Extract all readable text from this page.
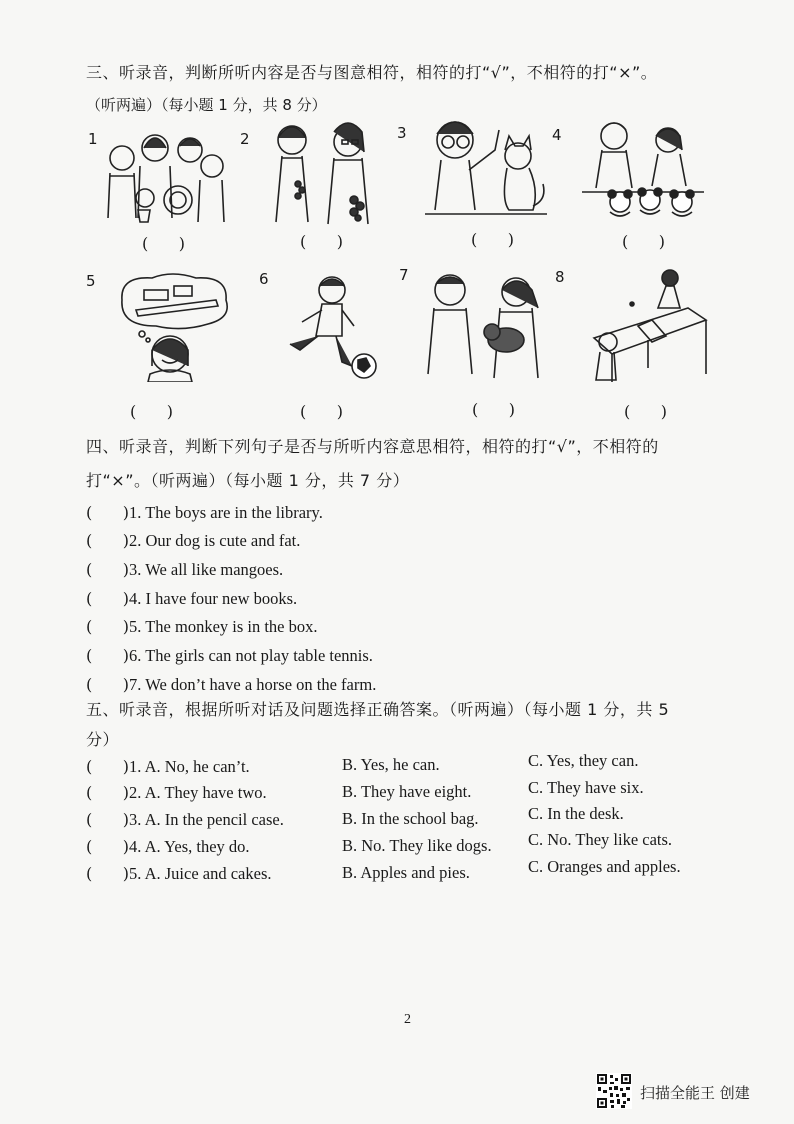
三、听录音，判断所听内容是否与图意相符，相符的打“√”，不相符的打“×”。
（听两遍）（每小题 1 分，共 8 分）
1	2	3	4
(      )	(      )	(      )	(      )
5	6	7	8
(      )	(      )	(      )	(      )
四、听录音，判断下列句子是否与所听内容意思相符，相符的打“√”，不相符的
打“×”。（听两遍）（每小题 1 分，共 7 分）
(      )1. The boys are in the library.
(      )2. Our dog is cute and fat.
(      )3. We all like mangoes.
(      )4. I have four new books.
(      )5. The monkey is in the box.
(      )6. The girls can not play table tennis.
(      )7. We don’t have a horse on the farm.
五、听录音，根据所听对话及问题选择正确答案。（听两遍）（每小题 1 分，共 5
分）
(      )1. A. No, he can’t.	B. Yes, he can.	C. Yes, they can.
(      )2. A. They have two.	B. They have eight.	C. They have six.
(      )3. A. In the pencil case.	B. In the school bag.	C. In the desk.
(      )4. A. Yes, they do.	B. No. They like dogs. C. No. They like cats.
(      )5. A. Juice and cakes.	B. Apples and pies.	C. Oranges and apples.
2
扫描全能王 创建
